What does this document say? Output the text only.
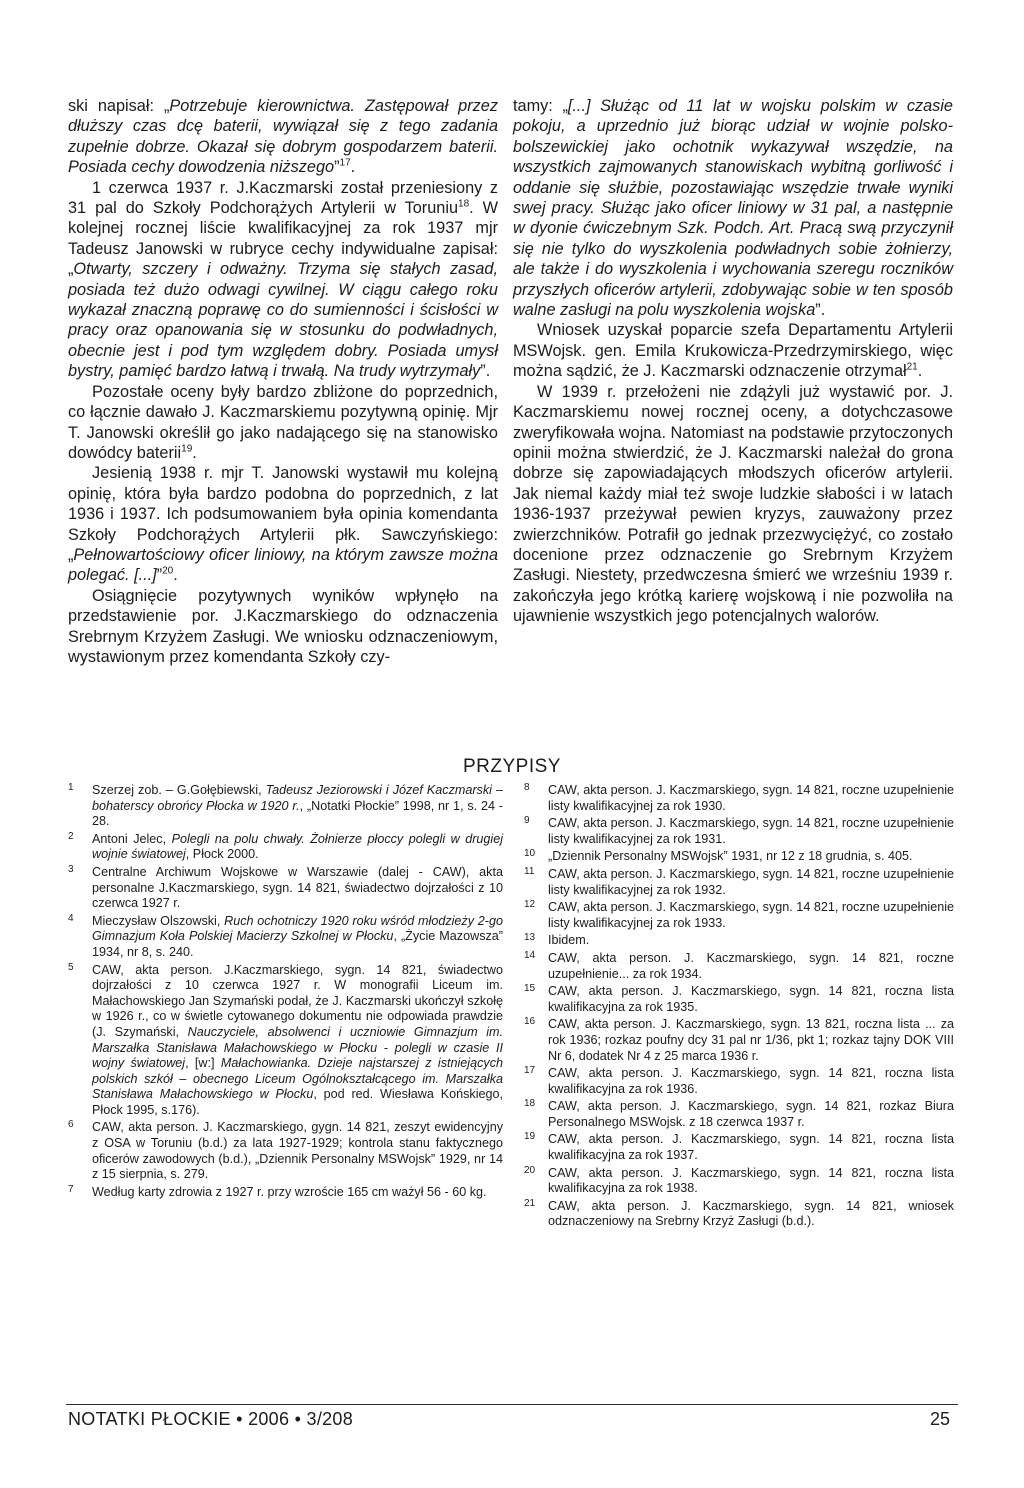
ski napisał: „Potrzebuje kierownictwa. Zastępował przez dłuższy czas dcę baterii, wywiązał się z tego zadania zupełnie dobrze. Okazał się dobrym gospodarzem baterii. Posiada cechy dowodzenia niższego”$^{17}$.

1 czerwca 1937 r. J.Kaczmarski został przeniesiony z 31 pal do Szkoły Podchorążych Artylerii w Toruniu$^{18}$. W kolejnej rocznej liście kwalifikacyjnej za rok 1937 mjr Tadeusz Janowski w rubryce cechy indywidualne zapisał: „Otwarty, szczery i odważny. Trzyma się stałych zasad, posiada też dużo odwagi cywilnej. W ciągu całego roku wykazał znaczną poprawę co do sumienności i ścisłości w pracy oraz opanowania się w stosunku do podwładnych, obecnie jest i pod tym względem dobry. Posiada umysł bystry, pamięć bardzo łatwą i trwałą. Na trudy wytrzymały”.

Pozostałe oceny były bardzo zbliżone do poprzednich, co łącznie dawało J. Kaczmarskiemu pozytywną opinię. Mjr T. Janowski określił go jako nadającego się na stanowisko dowódcy baterii$^{19}$.

Jesienią 1938 r. mjr T. Janowski wystawił mu kolejną opinię, która była bardzo podobna do poprzednich, z lat 1936 i 1937. Ich podsumowaniem była opinia komendanta Szkoły Podchorążych Artylerii płk. Sawczyńskiego: „Pełnowartościowy oficer liniowy, na którym zawsze można polegać. [...]”$^{20}$.

Osiągnięcie pozytywnych wyników wpłynęło na przedstawienie por. J.Kaczmarskiego do odznaczenia Srebrnym Krzyżem Zasługi. We wniosku odznaczeniowym, wystawionym przez komendanta Szkoły czy-

tamy: „[...] Służąc od 11 lat w wojsku polskim w czasie pokoju, a uprzednio już biorąc udział w wojnie polsko-bolszewickiej jako ochotnik wykazywał wszędzie, na wszystkich zajmowanych stanowiskach wybitną gorliwość i oddanie się służbie, pozostawiając wszędzie trwałe wyniki swej pracy. Służąc jako oficer liniowy w 31 pal, a następnie w dyonie ćwiczebnym Szk. Podch. Art. Pracą swą przyczynił się nie tylko do wyszkolenia podwładnych sobie żołnierzy, ale także i do wyszkolenia i wychowania szeregu roczników przyszłych oficerów artylerii, zdobywając sobie w ten sposób walne zasługi na polu wyszkolenia wojska”.

Wniosek uzyskał poparcie szefa Departamentu Artylerii MSWojsk. gen. Emila Krukowicza-Przedrzymirskiego, więc można sądzić, że J. Kaczmarski odznaczenie otrzymał$^{21}$.

W 1939 r. przełożeni nie zdążyli już wystawić por. J. Kaczmarskiemu nowej rocznej oceny, a dotychczasowe zweryfikowała wojna. Natomiast na podstawie przytoczonych opinii można stwierdzić, że J. Kaczmarski należał do grona dobrze się zapowiadających młodszych oficerów artylerii. Jak niemal każdy miał też swoje ludzkie słabości i w latach 1936-1937 przeżywał pewien kryzys, zauważony przez zwierzchników. Potrafił go jednak przezwyciężyć, co zostało docenione przez odznaczenie go Srebrnym Krzyżem Zasługi. Niestety, przedwczesna śmierć we wrześniu 1939 r. zakończyła jego krótką karierę wojskową i nie pozwoliła na ujawnienie wszystkich jego potencjalnych walorów.

PRZYPISY
1 Szerzej zob. – G.Gołębiewski, Tadeusz Jeziorowski i Józef Kaczmarski – bohaterscy obrońcy Płocka w 1920 r., „Notatki Płockie” 1998, nr 1, s. 24 - 28.
2 Antoni Jelec, Polegli na polu chwały. Żołnierze płoccy polegli w drugiej wojnie światowej, Płock 2000.
3 Centralne Archiwum Wojskowe w Warszawie (dalej - CAW), akta personalne J.Kaczmarskiego, sygn. 14 821, świadectwo dojrzałości z 10 czerwca 1927 r.
4 Mieczysław Olszowski, Ruch ochotniczy 1920 roku wśród młodzieży 2-go Gimnazjum Koła Polskiej Macierzy Szkolnej w Płocku, „Życie Mazowsza” 1934, nr 8, s. 240.
5 CAW, akta person. J.Kaczmarskiego, sygn. 14 821, świadectwo dojrzałości z 10 czerwca 1927 r. W monografii Liceum im. Małachowskiego Jan Szymański podał, że J. Kaczmarski ukończył szkołę w 1926 r., co w świetle cytowanego dokumentu nie odpowiada prawdzie (J. Szymański, Nauczyciele, absolwenci i uczniowie Gimnazjum im. Marszałka Stanisława Małachowskiego w Płocku - polegli w czasie II wojny światowej, [w:] Małachowianka. Dzieje najstarszej z istniejących polskich szkół – obecnego Liceum Ogólnokształcącego im. Marszałka Stanisława Małachowskiego w Płocku, pod red. Wiesława Końskiego, Płock 1995, s.176).
6 CAW, akta person. J. Kaczmarskiego, gygn. 14 821, zeszyt ewidencyjny z OSA w Toruniu (b.d.) za lata 1927-1929; kontrola stanu faktycznego oficerów zawodowych (b.d.), „Dziennik Personalny MSWojsk” 1929, nr 14 z 15 sierpnia, s. 279.
7 Według karty zdrowia z 1927 r. przy wzroście 165 cm ważył 56 - 60 kg.
8 CAW, akta person. J. Kaczmarskiego, sygn. 14 821, roczne uzupełnienie listy kwalifikacyjnej za rok 1930.
9 CAW, akta person. J. Kaczmarskiego, sygn. 14 821, roczne uzupełnienie listy kwalifikacyjnej za rok 1931.
10 „Dziennik Personalny MSWojsk” 1931, nr 12 z 18 grudnia, s. 405.
11 CAW, akta person. J. Kaczmarskiego, sygn. 14 821, roczne uzupełnienie listy kwalifikacyjnej za rok 1932.
12 CAW, akta person. J. Kaczmarskiego, sygn. 14 821, roczne uzupełnienie listy kwalifikacyjnej za rok 1933.
13 Ibidem.
14 CAW, akta person. J. Kaczmarskiego, sygn. 14 821, roczne uzupełnienie... za rok 1934.
15 CAW, akta person. J. Kaczmarskiego, sygn. 14 821, roczna lista kwalifikacyjna za rok 1935.
16 CAW, akta person. J. Kaczmarskiego, sygn. 13 821, roczna lista ... za rok 1936; rozkaz poufny dcy 31 pal nr 1/36, pkt 1; rozkaz tajny DOK VIII Nr 6, dodatek Nr 4 z 25 marca 1936 r.
17 CAW, akta person. J. Kaczmarskiego, sygn. 14 821, roczna lista kwalifikacyjna za rok 1936.
18 CAW, akta person. J. Kaczmarskiego, sygn. 14 821, rozkaz Biura Personalnego MSWojsk. z 18 czerwca 1937 r.
19 CAW, akta person. J. Kaczmarskiego, sygn. 14 821, roczna lista kwalifikacyjna za rok 1937.
20 CAW, akta person. J. Kaczmarskiego, sygn. 14 821, roczna lista kwalifikacyjna za rok 1938.
21 CAW, akta person. J. Kaczmarskiego, sygn. 14 821, wniosek odznaczeniowy na Srebrny Krzyż Zasługi (b.d.).
NOTATKI PŁOCKIE • 2006 • 3/208	25
